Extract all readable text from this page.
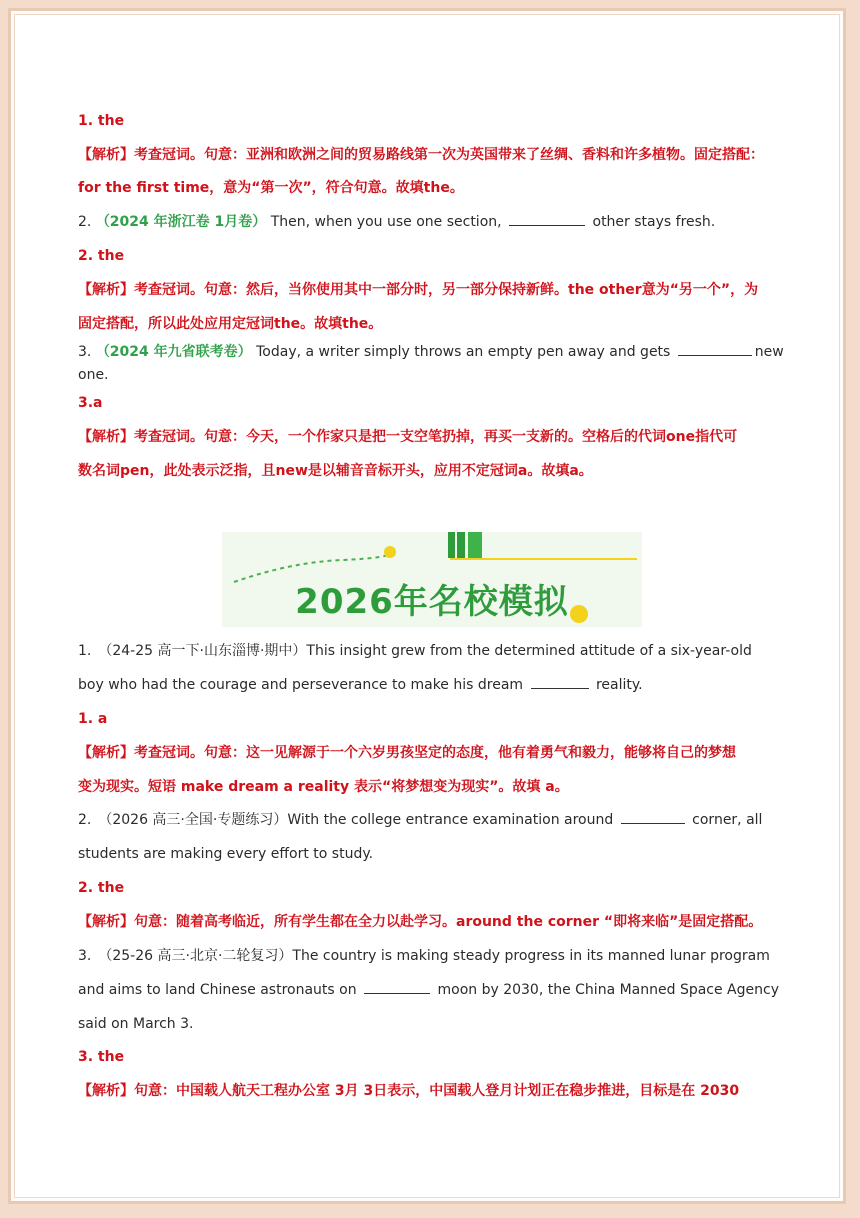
1. the

【解析】考查冠词。句意：亚洲和欧洲之间的贸易路线第一次为英国带来了丝绸、香料和许多植物。固定搭配：

for the first time，意为“第一次”，符合句意。故填the。

2. （2024 年浙江卷 1月卷） Then, when you use one section,	other stays fresh.

2. the

【解析】考查冠词。句意：然后，当你使用其中一部分时，另一部分保持新鲜。the other意为“另一个”，为

固定搭配，所以此处应用定冠词the。故填the。

3. （2024 年九省联考卷） Today, a writer simply throws an empty pen away and gets	new

one.

3.a

【解析】考查冠词。句意：今天，一个作家只是把一支空笔扔掉，再买一支新的。空格后的代词one指代可

数名词pen，此处表示泛指，且new是以辅音音标开头，应用不定冠词a。故填a。

2026年名校模拟

1.　（24-25 高一下·山东淄博·期中）This insight grew from the determined attitude of a six-year-old

boy who had the courage and perseverance to make his dream	reality.

1. a

【解析】考查冠词。句意：这一见解源于一个六岁男孩坚定的态度，他有着勇气和毅力，能够将自己的梦想

变为现实。短语 make dream a reality 表示“将梦想变为现实”。故填 a。

2.　（2026 高三·全国·专题练习）With the college entrance examination around	corner, all

students are making every effort to study.

2. the

【解析】句意：随着高考临近，所有学生都在全力以赴学习。around the corner “即将来临”是固定搭配。

3.　（25-26 高三·北京·二轮复习）The country is making steady progress in its manned lunar program

and aims to land Chinese astronauts on	moon by 2030, the China Manned Space Agency

said on March 3.

3. the

【解析】句意：中国载人航天工程办公室 3月 3日表示，中国载人登月计划正在稳步推进，目标是在 2030
